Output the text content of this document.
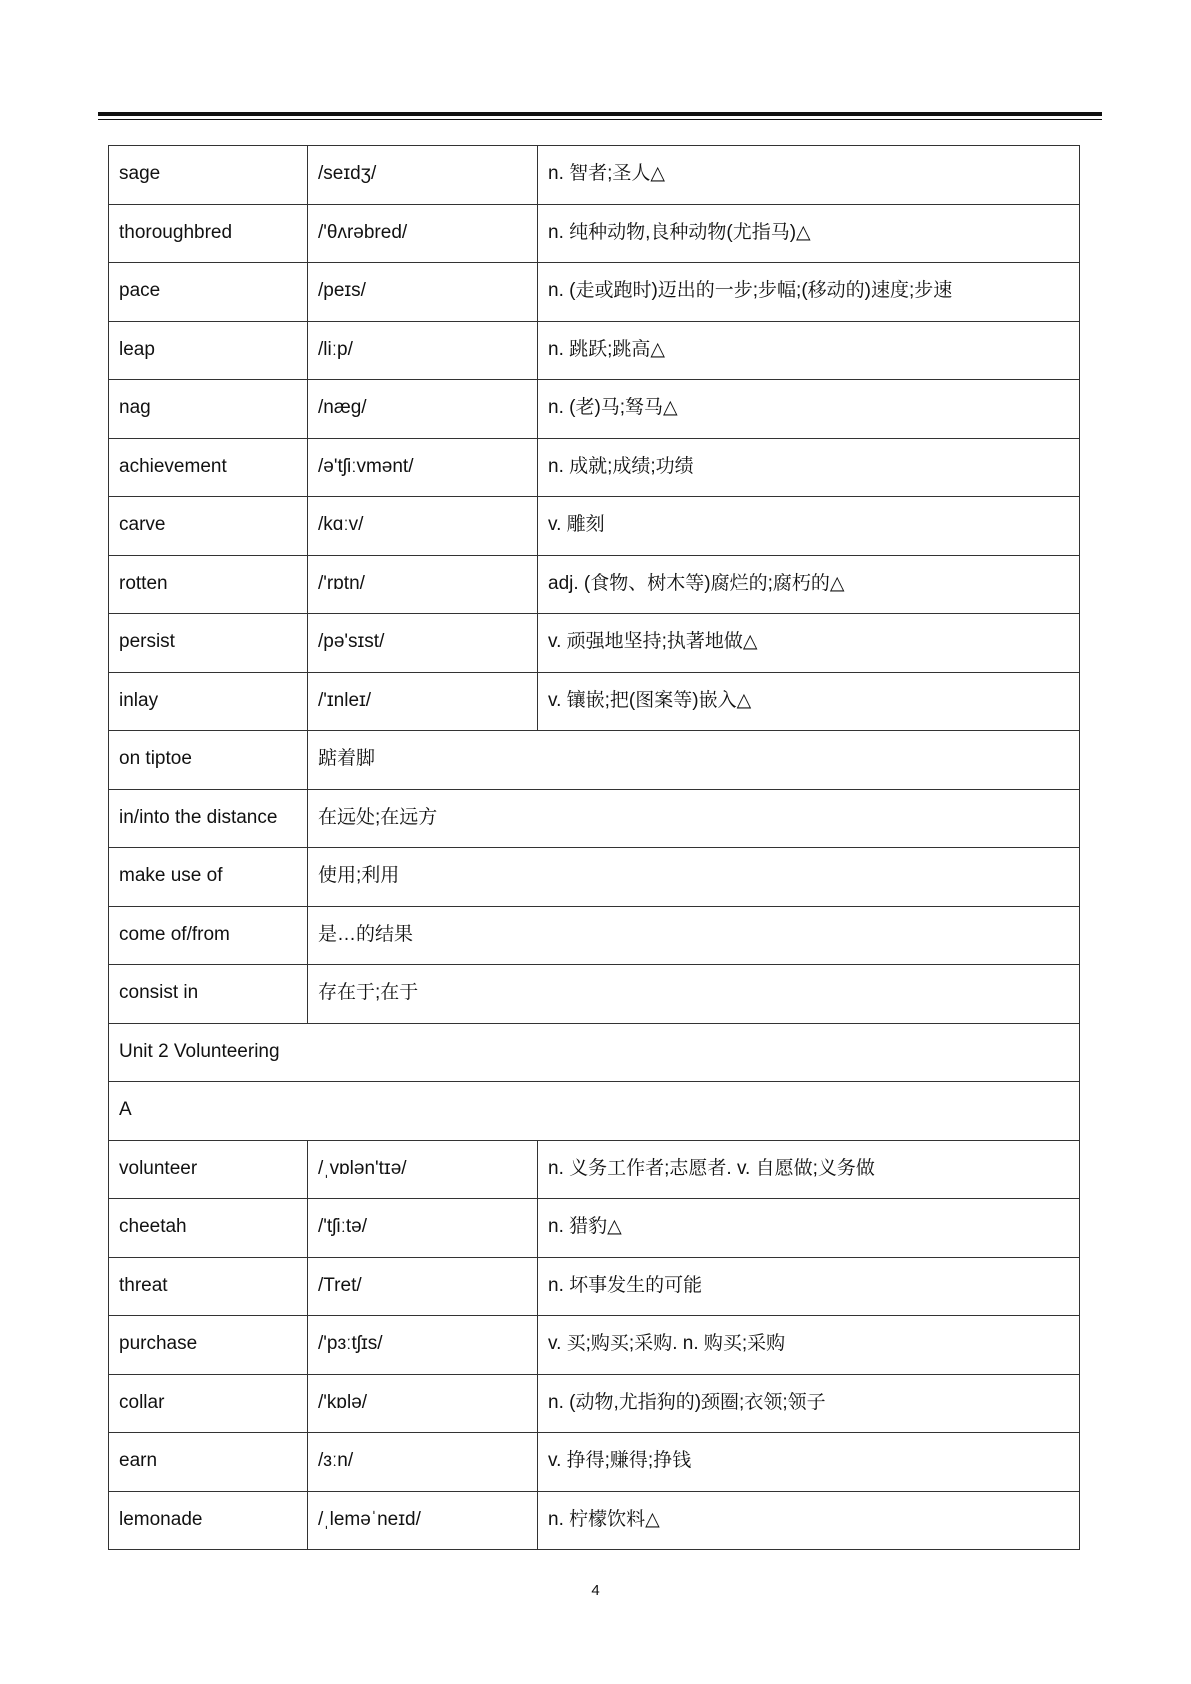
sage	/seɪdʒ/	n. 智者;圣人△
thoroughbred	/'θʌrəbred/	n. 纯种动物,良种动物(尤指马)△
pace	/peɪs/	n. (走或跑时)迈出的一步;步幅;(移动的)速度;步速
leap	/liːp/	n. 跳跃;跳高△
nag	/næg/	n. (老)马;驽马△
achievement	/ə'tʃiːvmənt/	n. 成就;成绩;功绩
carve	/kɑːv/	v. 雕刻
rotten	/'rɒtn/	adj. (食物、树木等)腐烂的;腐朽的△
persist	/pə'sɪst/	v. 顽强地坚持;执著地做△
inlay	/'ɪnleɪ/	v. 镶嵌;把(图案等)嵌入△
on tiptoe	踮着脚	
in/into the distance	在远处;在远方	
make use of	使用;利用	
come of/from	是…的结果	
consist in	存在于;在于	
Unit 2 Volunteering		
A		
volunteer	/ˌvɒlən'tɪə/	n. 义务工作者;志愿者. v. 自愿做;义务做
cheetah	/'tʃiːtə/	n. 猎豹△
threat	/Tret/	n. 坏事发生的可能
purchase	/'pɜːtʃɪs/	v. 买;购买;采购. n. 购买;采购
collar	/'kɒlə/	n. (动物,尤指狗的)颈圈;衣领;领子
earn	/ɜːn/	v. 挣得;赚得;挣钱
lemonade	/ˌleməˈneɪd/	n. 柠檬饮料△
4
